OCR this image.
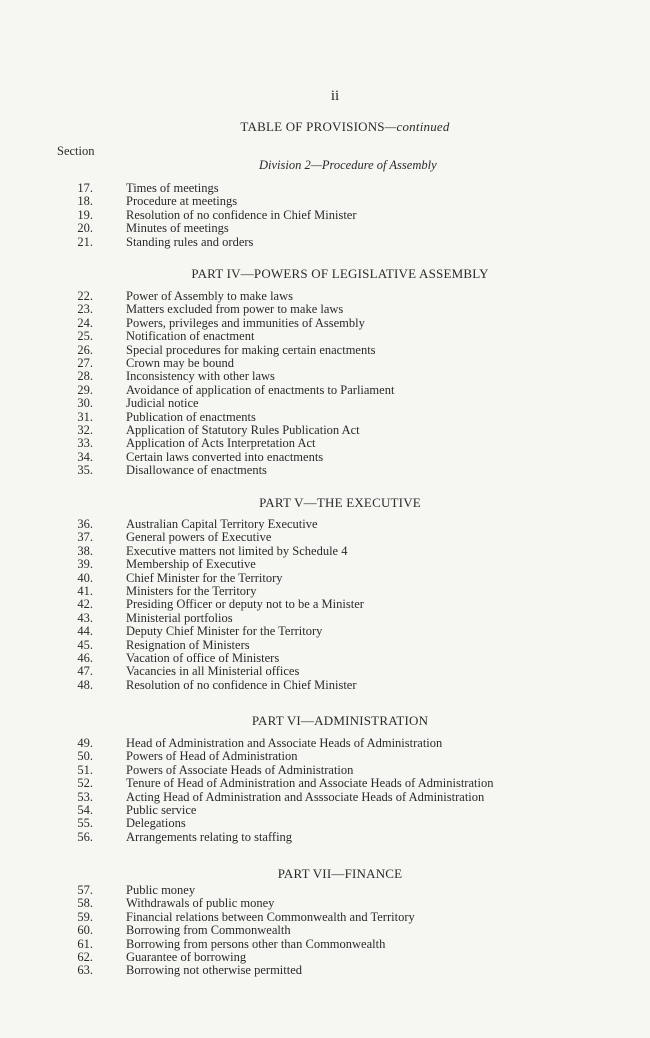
ii
TABLE OF PROVISIONS—continued
Section
Division 2—Procedure of Assembly
17.	Times of meetings
18.	Procedure at meetings
19.	Resolution of no confidence in Chief Minister
20.	Minutes of meetings
21.	Standing rules and orders
PART IV—POWERS OF LEGISLATIVE ASSEMBLY
22.	Power of Assembly to make laws
23.	Matters excluded from power to make laws
24.	Powers, privileges and immunities of Assembly
25.	Notification of enactment
26.	Special procedures for making certain enactments
27.	Crown may be bound
28.	Inconsistency with other laws
29.	Avoidance of application of enactments to Parliament
30.	Judicial notice
31.	Publication of enactments
32.	Application of Statutory Rules Publication Act
33.	Application of Acts Interpretation Act
34.	Certain laws converted into enactments
35.	Disallowance of enactments
PART V—THE EXECUTIVE
36.	Australian Capital Territory Executive
37.	General powers of Executive
38.	Executive matters not limited by Schedule 4
39.	Membership of Executive
40.	Chief Minister for the Territory
41.	Ministers for the Territory
42.	Presiding Officer or deputy not to be a Minister
43.	Ministerial portfolios
44.	Deputy Chief Minister for the Territory
45.	Resignation of Ministers
46.	Vacation of office of Ministers
47.	Vacancies in all Ministerial offices
48.	Resolution of no confidence in Chief Minister
PART VI—ADMINISTRATION
49.	Head of Administration and Associate Heads of Administration
50.	Powers of Head of Administration
51.	Powers of Associate Heads of Administration
52.	Tenure of Head of Administration and Associate Heads of Administration
53.	Acting Head of Administration and Asssociate Heads of Administration
54.	Public service
55.	Delegations
56.	Arrangements relating to staffing
PART VII—FINANCE
57.	Public money
58.	Withdrawals of public money
59.	Financial relations between Commonwealth and Territory
60.	Borrowing from Commonwealth
61.	Borrowing from persons other than Commonwealth
62.	Guarantee of borrowing
63.	Borrowing not otherwise permitted
